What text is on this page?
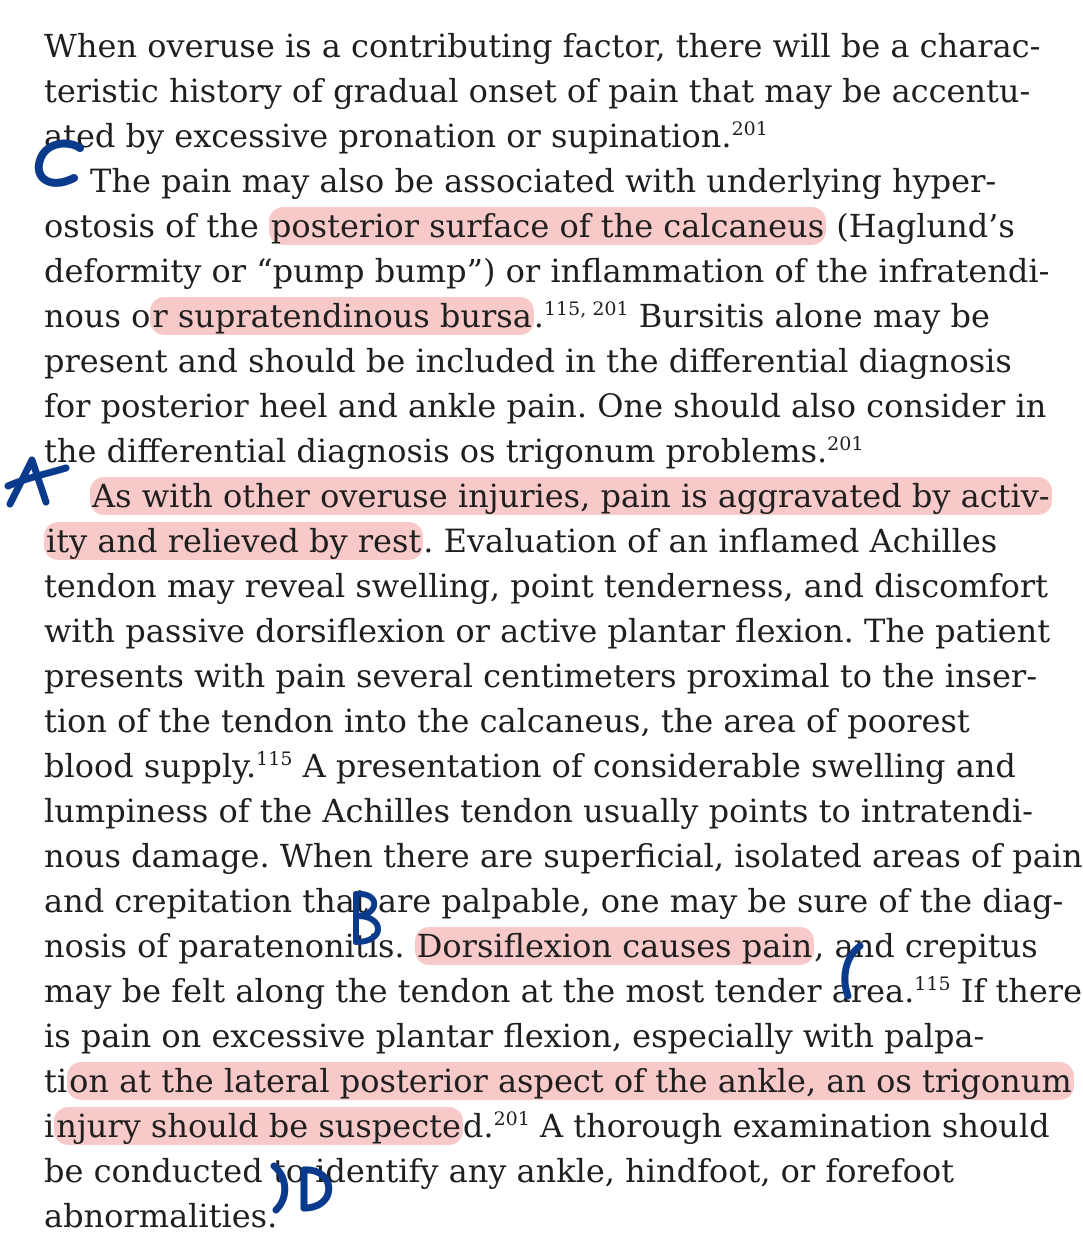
When overuse is a contributing factor, there will be a charac-
teristic history of gradual onset of pain that may be accentu-
ated by excessive pronation or supination.$^{201}$
The pain may also be associated with underlying hyper-
ostosis of the posterior surface of the calcaneus (Haglund’s
deformity or “pump bump”) or inflammation of the infratendi-
nous or supratendinous bursa.$^{115, 201}$ Bursitis alone may be
present and should be included in the differential diagnosis
for posterior heel and ankle pain. One should also consider in
the differential diagnosis os trigonum problems.$^{201}$
As with other overuse injuries, pain is aggravated by activ-
ity and relieved by rest. Evaluation of an inflamed Achilles
tendon may reveal swelling, point tenderness, and discomfort
with passive dorsiflexion or active plantar flexion. The patient
presents with pain several centimeters proximal to the inser-
tion of the tendon into the calcaneus, the area of poorest
blood supply.$^{115}$ A presentation of considerable swelling and
lumpiness of the Achilles tendon usually points to intratendi-
nous damage. When there are superficial, isolated areas of pain
and crepitation that are palpable, one may be sure of the diag-
nosis of paratenonitis. Dorsiflexion causes pain, and crepitus
may be felt along the tendon at the most tender area.$^{115}$ If there
is pain on excessive plantar flexion, especially with palpa-
tion at the lateral posterior aspect of the ankle, an os trigonum
injury should be suspected.$^{201}$ A thorough examination should
be conducted to identify any ankle, hindfoot, or forefoot
abnormalities.
